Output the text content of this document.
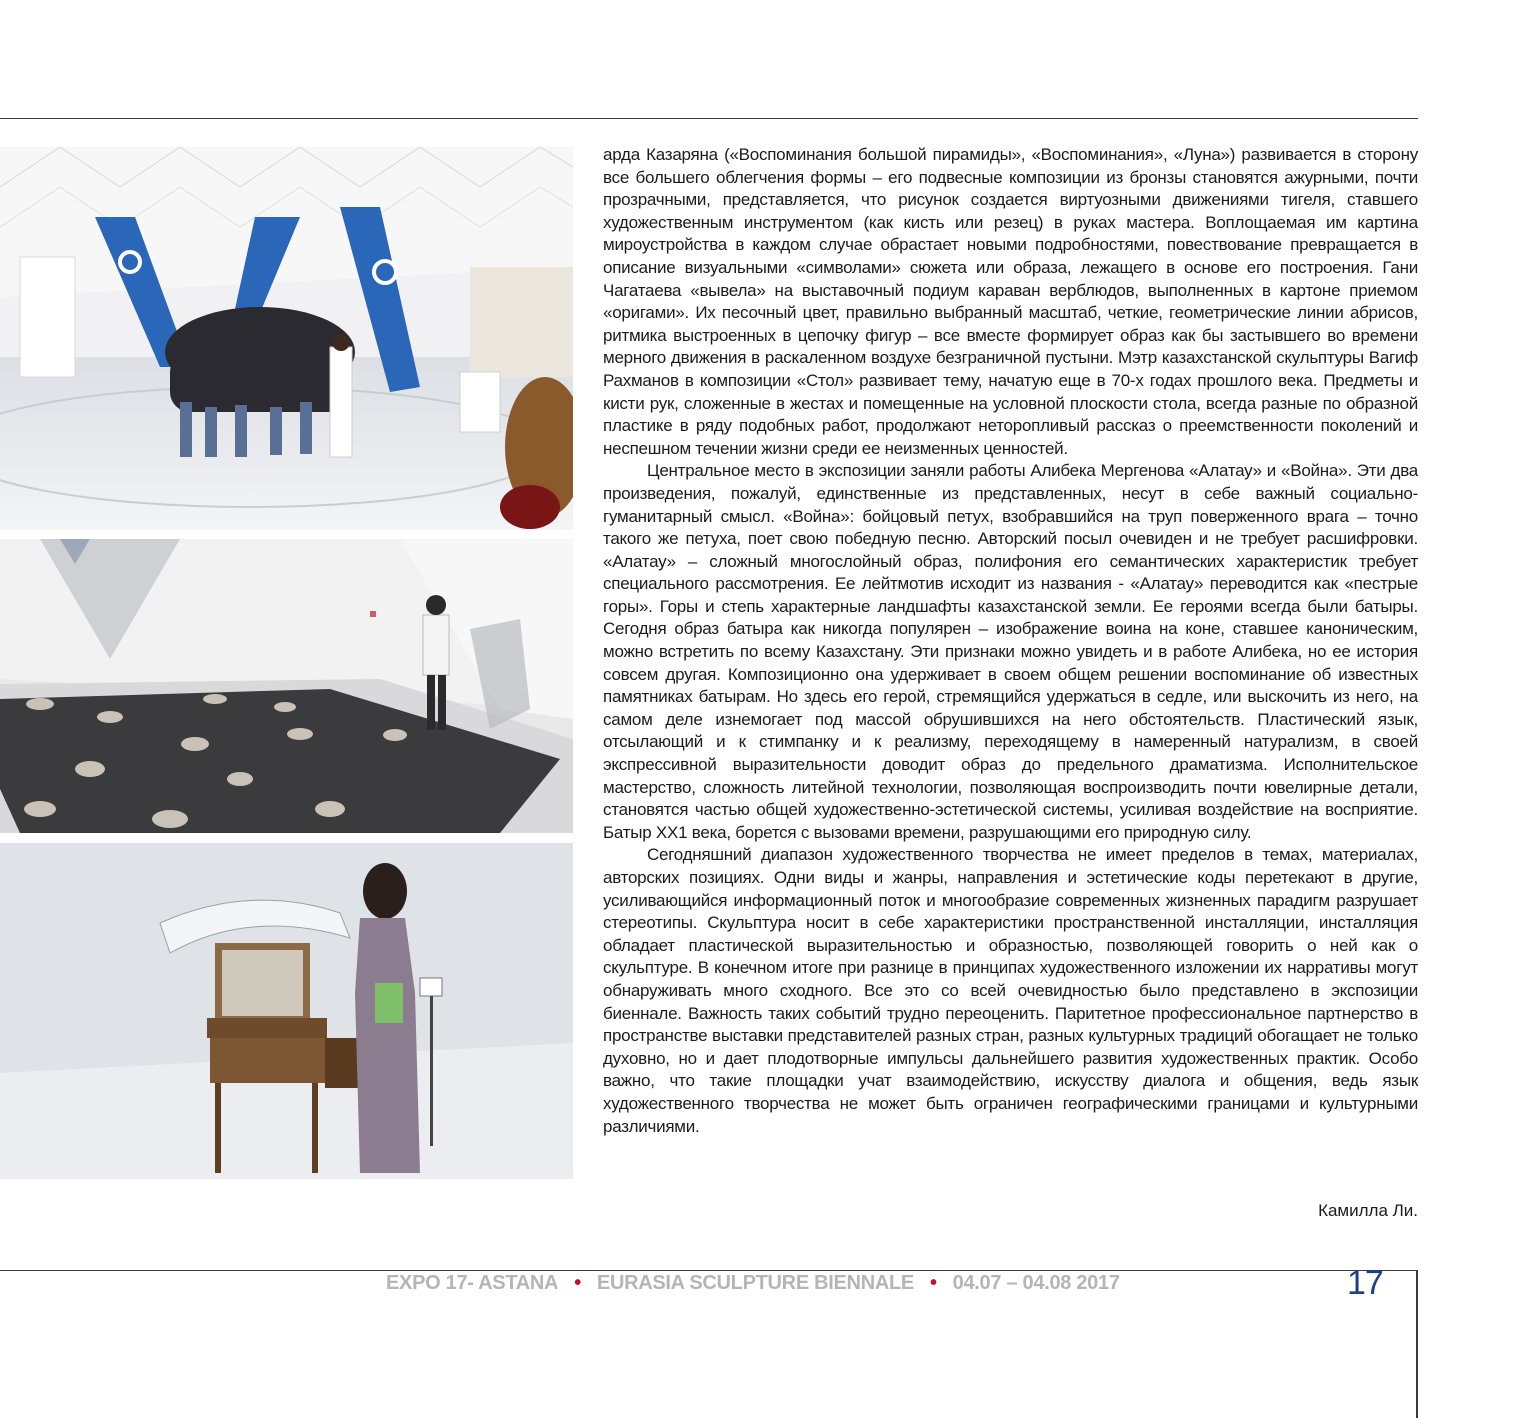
арда Казаряна («Воспоминания большой пирамиды», «Воспоминания», «Луна») развивается в сторону все большего облегчения формы – его подвесные композиции из бронзы становятся ажурными, почти прозрачными, представляется, что рисунок создается виртуозными движениями тигеля, ставшего художественным инструментом (как кисть или резец) в руках мастера. Воплощаемая им картина мироустройства в каждом случае обрастает новыми подробностями, повествование превращается в описание визуальными «символами» сюжета или образа, лежащего в основе его построения. Гани Чагатаева «вывела» на выставочный подиум караван верблюдов, выполненных в картоне приемом «оригами». Их песочный цвет, правильно выбранный масштаб, четкие, геометрические линии абрисов, ритмика выстроенных в цепочку фигур – все вместе формирует образ как бы застывшего во времени мерного движения в раскаленном воздухе безграничной пустыни. Мэтр казахстанской скульптуры Вагиф Рахманов в композиции «Стол» развивает тему, начатую еще в 70-х годах прошлого века. Предметы и кисти рук, сложенные в жестах и помещенные на условной плоскости стола, всегда разные по образной пластике в ряду подобных работ, продолжают неторопливый рассказ о преемственности поколений и неспешном течении жизни среди ее неизменных ценностей.

Центральное место в экспозиции заняли работы Алибека Мергенова «Алатау» и «Война». Эти два произведения, пожалуй, единственные из представленных, несут в себе важный социально-гуманитарный смысл. «Война»: бойцовый петух, взобравшийся на труп поверженного врага – точно такого же петуха, поет свою победную песню. Авторский посыл очевиден и не требует расшифровки. «Алатау» – сложный многослойный образ, полифония его семантических характеристик требует специального рассмотрения. Ее лейтмотив исходит из названия - «Алатау» переводится как «пестрые горы». Горы и степь характерные ландшафты казахстанской земли. Ее героями всегда были батыры. Сегодня образ батыра как никогда популярен – изображение воина на коне, ставшее каноническим, можно встретить по всему Казахстану. Эти признаки можно увидеть и в работе Алибека, но ее история совсем другая. Композиционно она удерживает в своем общем решении воспоминание об известных памятниках батырам. Но здесь его герой, стремящийся удержаться в седле, или выскочить из него, на самом деле изнемогает под массой обрушившихся на него обстоятельств. Пластический язык, отсылающий и к стимпанку и к реализму, переходящему в намеренный натурализм, в своей экспрессивной выразительности доводит образ до предельного драматизма. Исполнительское мастерство, сложность литейной технологии, позволяющая воспроизводить почти ювелирные детали, становятся частью общей художественно-эстетической системы, усиливая воздействие на восприятие. Батыр XX1 века, борется с вызовами времени, разрушающими его природную силу.

Сегодняшний диапазон художественного творчества не имеет пределов в темах, материалах, авторских позициях. Одни виды и жанры, направления и эстетические коды перетекают в другие, усиливающийся информационный поток и многообразие современных жизненных парадигм разрушает стереотипы. Скульптура носит в себе характеристики пространственной инсталляции, инсталляция обладает пластической выразительностью и образностью, позволяющей говорить о ней как о скульптуре. В конечном итоге при разнице в принципах художественного изложении их нарративы могут обнаруживать много сходного. Все это со всей очевидностью было представлено в экспозиции биеннале. Важность таких событий трудно переоценить. Паритетное профессиональное партнерство в пространстве выставки представителей разных стран, разных культурных традиций обогащает не только духовно, но и дает плодотворные импульсы дальнейшего развития художественных практик. Особо важно, что такие площадки учат взаимодействию, искусству диалога и общения, ведь язык художественного творчества не может быть ограничен географическими границами и культурными различиями.

Камилла Ли.
EXPO 17- ASTANA • EURASIA SCULPTURE BIENNALE • 04.07 – 04.08 2017	17
